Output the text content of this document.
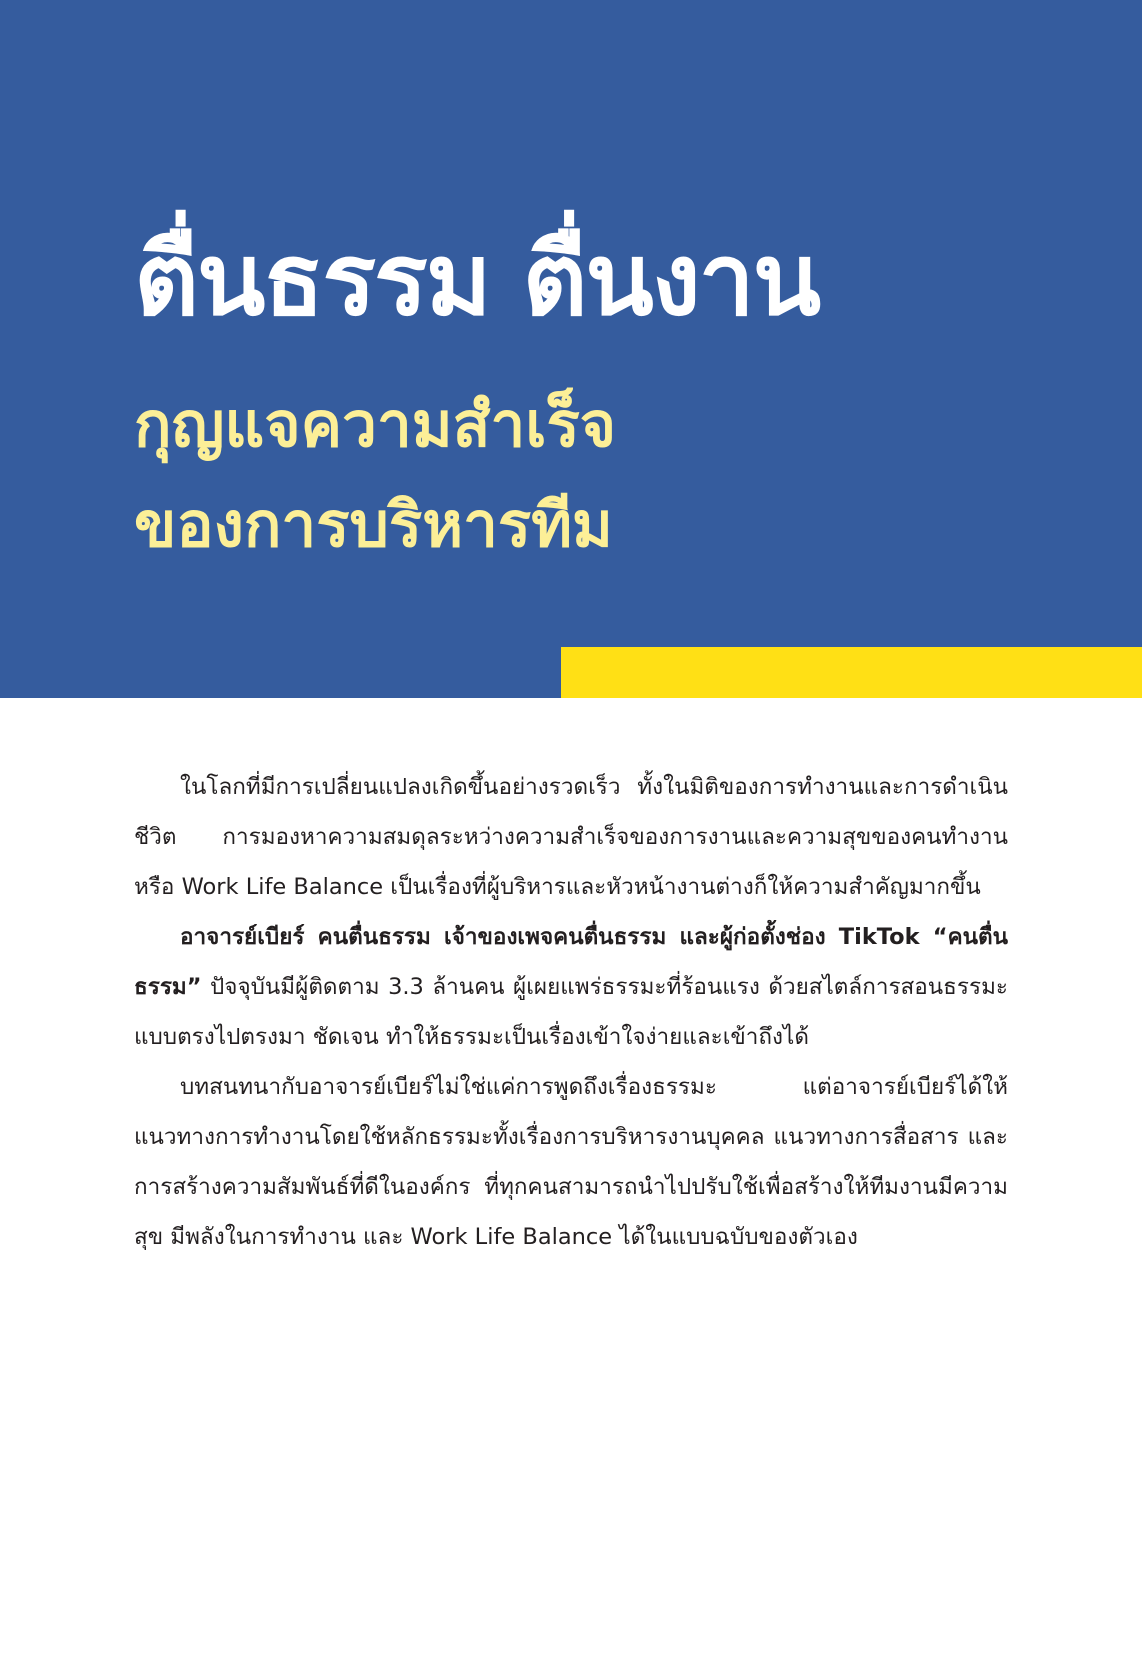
ตื่นธรรม ตื่นงาน
กุญแจความสำเร็จ
ของการบริหารทีม

ในโลกที่มีการเปลี่ยนแปลงเกิดขึ้นอย่างรวดเร็ว ทั้งในมิติของการทำงานและการดำเนินชีวิต การมองหาความสมดุลระหว่างความสำเร็จของการงานและความสุขของคนทำงาน หรือ Work Life Balance เป็นเรื่องที่ผู้บริหารและหัวหน้างานต่างก็ให้ความสำคัญมากขึ้น

อาจารย์เบียร์ คนตื่นธรรม เจ้าของเพจคนตื่นธรรม และผู้ก่อตั้งช่อง TikTok “คนตื่นธรรม” ปัจจุบันมีผู้ติดตาม 3.3 ล้านคน ผู้เผยแพร่ธรรมะที่ร้อนแรง ด้วยสไตล์การสอนธรรมะแบบตรงไปตรงมา ชัดเจน ทำให้ธรรมะเป็นเรื่องเข้าใจง่ายและเข้าถึงได้

บทสนทนากับอาจารย์เบียร์ไม่ใช่แค่การพูดถึงเรื่องธรรมะ แต่อาจารย์เบียร์ได้ให้แนวทางการทำงานโดยใช้หลักธรรมะทั้งเรื่องการบริหารงานบุคคล แนวทางการสื่อสาร และการสร้างความสัมพันธ์ที่ดีในองค์กร ที่ทุกคนสามารถนำไปปรับใช้เพื่อสร้างให้ทีมงานมีความสุข มีพลังในการทำงาน และ Work Life Balance ได้ในแบบฉบับของตัวเอง
